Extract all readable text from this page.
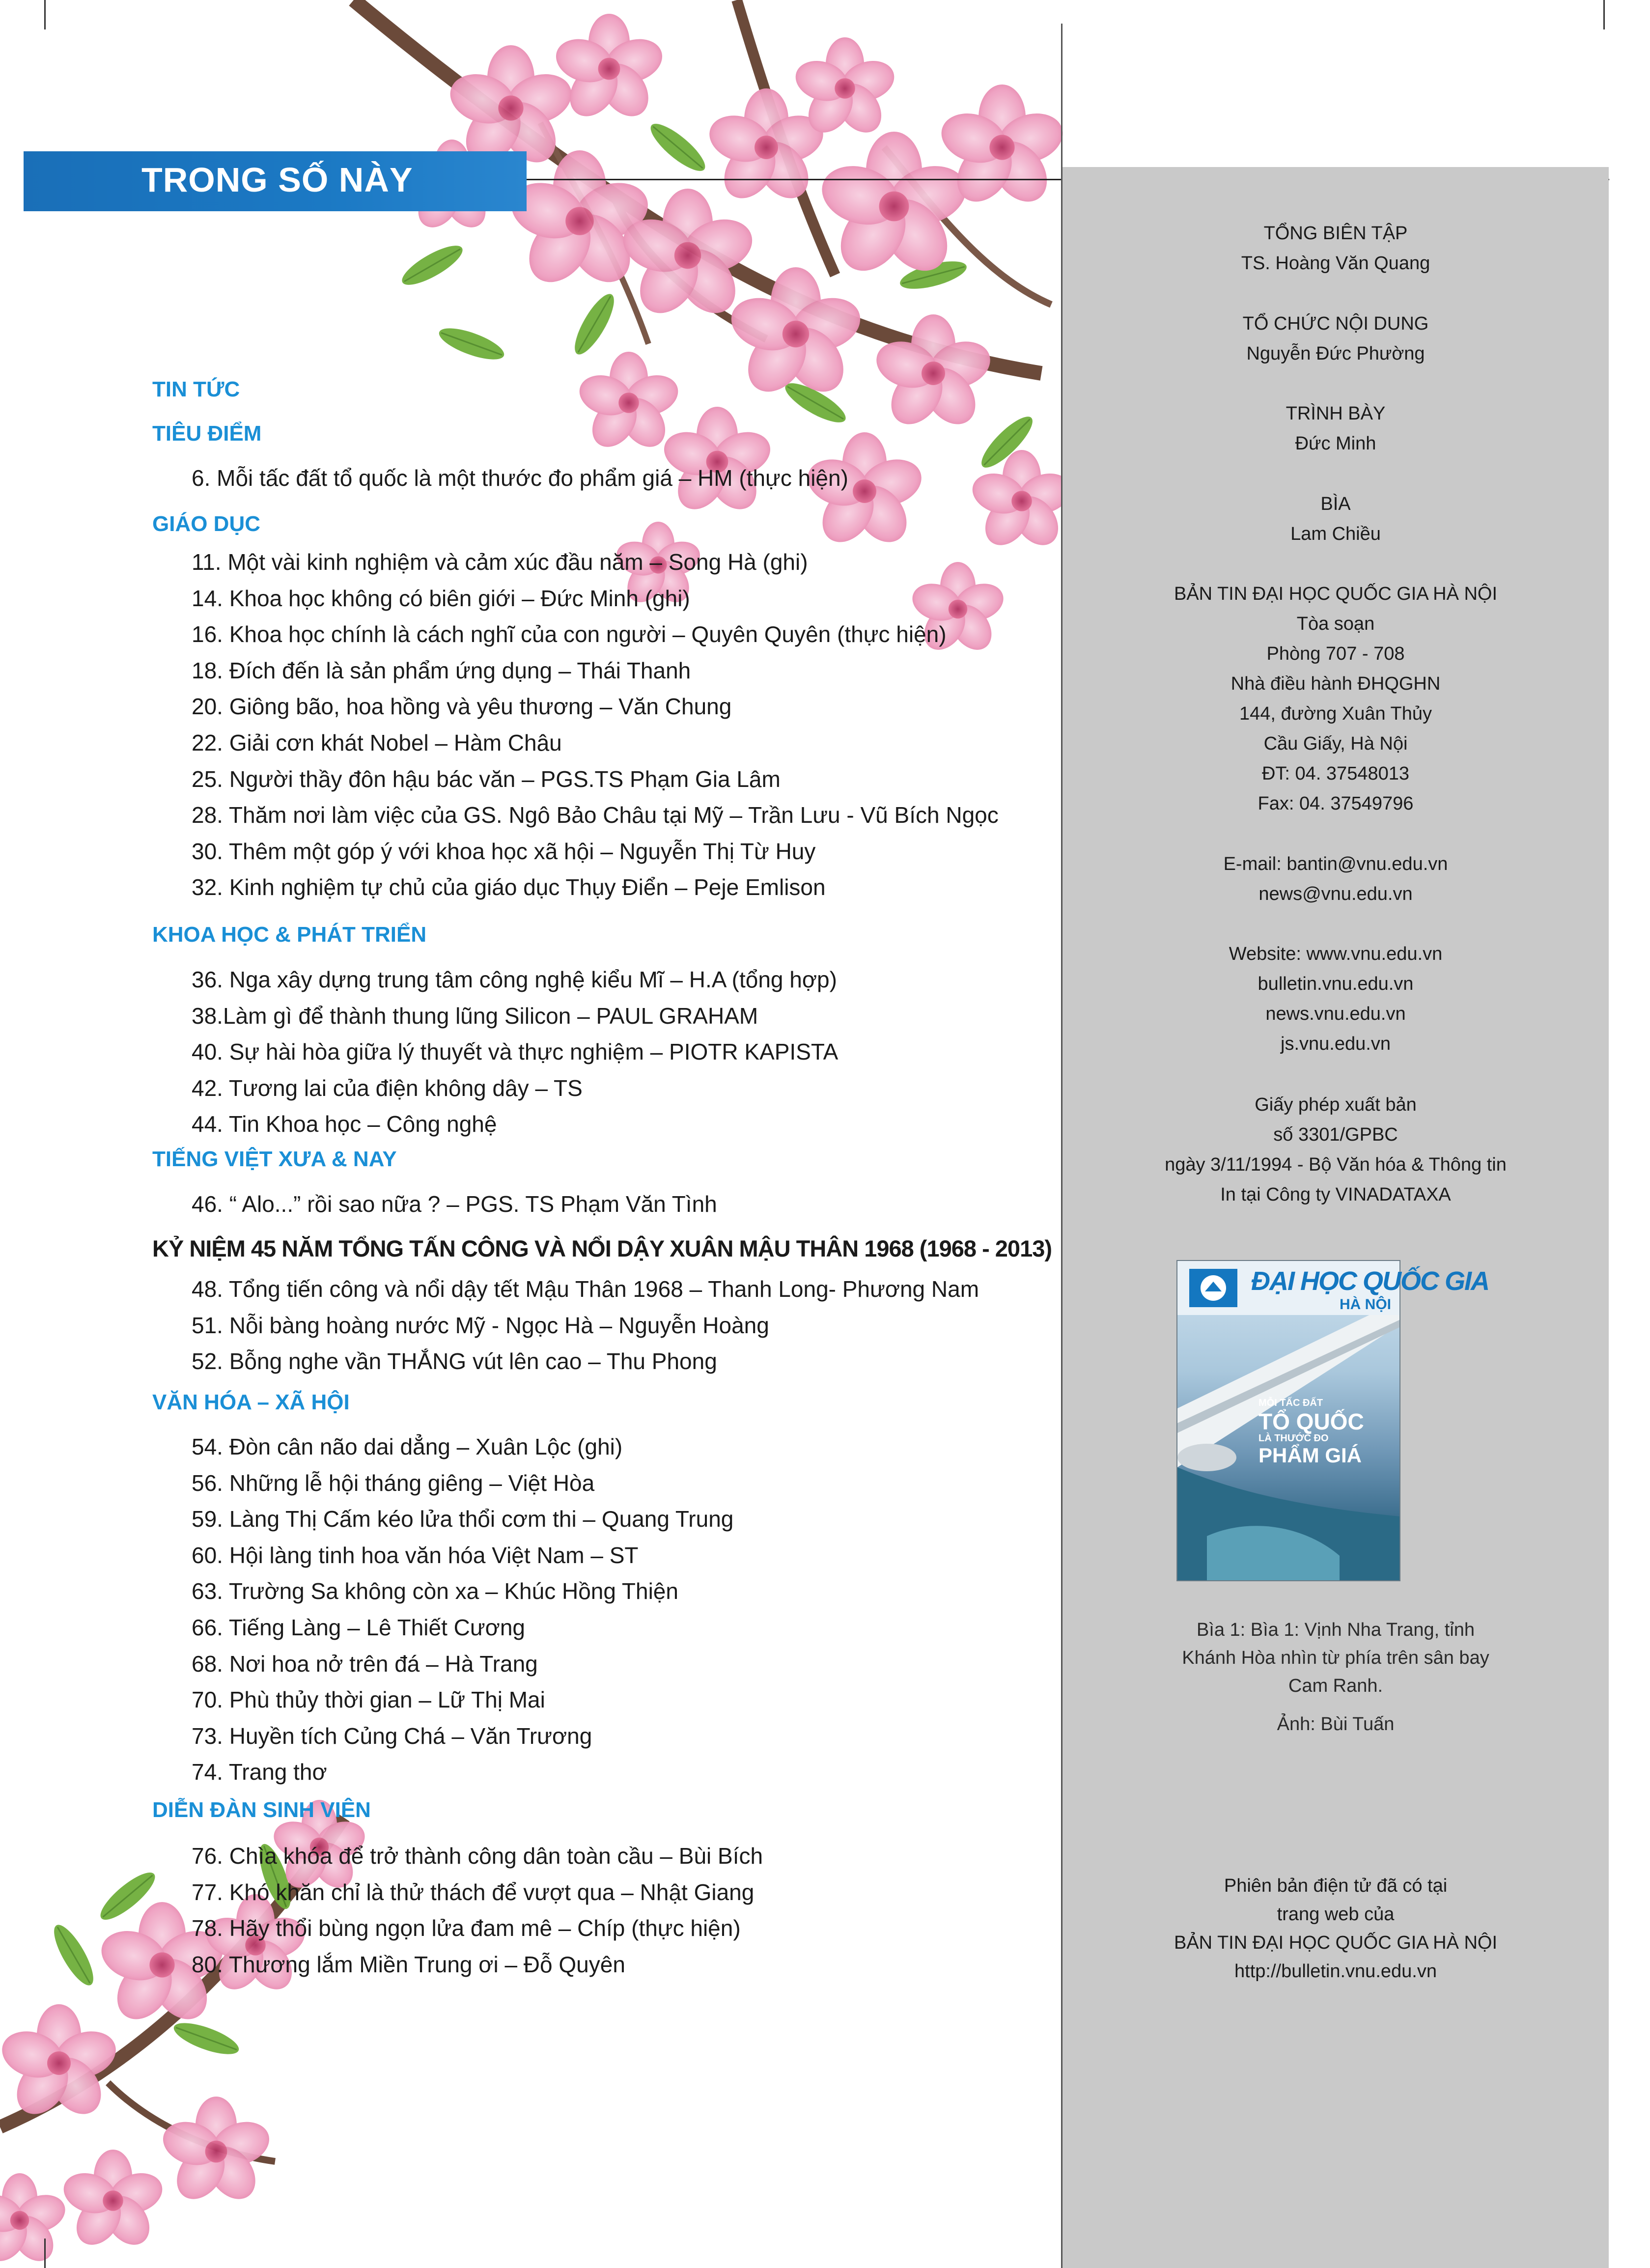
TRONG SỐ NÀY
TỔNG BIÊN TẬP
TS. Hoàng Văn Quang
TỔ CHỨC NỘI DUNG
Nguyễn Đức Phường
TRÌNH BÀY
Đức Minh
BÌA
Lam Chiều
BẢN TIN ĐẠI HỌC QUỐC GIA HÀ NỘI
Tòa soạn
Phòng 707 - 708
Nhà điều hành ĐHQGHN
144, đường Xuân Thủy
Cầu Giấy, Hà Nội
ĐT: 04. 37548013
Fax: 04. 37549796
E-mail: bantin@vnu.edu.vn
news@vnu.edu.vn
Website: www.vnu.edu.vn
bulletin.vnu.edu.vn
news.vnu.edu.vn
js.vnu.edu.vn
Giấy phép xuất bản
số 3301/GPBC
ngày 3/11/1994 - Bộ Văn hóa & Thông tin
In tại Công ty VINADATAXA
ĐẠI HỌC QUỐC GIA
HÀ NỘI
MỖI TẤC ĐẤT
TỔ QUỐC
LÀ THƯỚC ĐO
PHẨM GIÁ
Bìa 1: Bìa 1: Vịnh Nha Trang, tỉnh
Khánh Hòa nhìn từ phía trên sân bay
Cam Ranh.
Ảnh: Bùi Tuấn
Phiên bản điện tử đã có tại
trang web của
BẢN TIN ĐẠI HỌC QUỐC GIA HÀ NỘI
http://bulletin.vnu.edu.vn
TIN TỨC
TIÊU ĐIỂM
6. Mỗi tấc đất tổ quốc là một thước đo phẩm giá – HM (thực hiện)
GIÁO DỤC
11. Một vài kinh nghiệm và cảm xúc đầu năm – Song Hà (ghi)
14. Khoa học không có biên giới – Đức Minh (ghi)
16. Khoa học chính là cách nghĩ của con người – Quyên Quyên (thực hiện)
18. Đích đến là sản phẩm ứng dụng – Thái Thanh
20. Giông bão, hoa hồng và yêu thương – Văn Chung
22. Giải cơn khát Nobel – Hàm Châu
25. Người thầy đôn hậu bác văn – PGS.TS Phạm Gia Lâm
28. Thăm nơi làm việc của GS. Ngô Bảo Châu tại Mỹ – Trần Lưu - Vũ Bích Ngọc
30. Thêm một góp ý với khoa học xã hội – Nguyễn Thị Từ Huy
32. Kinh nghiệm tự chủ của giáo dục Thụy Điển – Peje Emlison
KHOA HỌC & PHÁT TRIỂN
36. Nga xây dựng trung tâm công nghệ kiểu Mĩ – H.A (tổng hợp)
38.Làm gì để thành thung lũng Silicon – PAUL GRAHAM
40. Sự hài hòa giữa lý thuyết và thực nghiệm – PIOTR KAPISTA
42. Tương lai của điện không dây – TS
44. Tin Khoa học – Công nghệ
TIẾNG VIỆT XƯA & NAY
46. “ Alo...” rồi sao nữa ? – PGS. TS Phạm Văn Tình
KỶ NIỆM 45 NĂM TỔNG TẤN CÔNG VÀ NỔI DẬY XUÂN MẬU THÂN 1968 (1968 - 2013)
48. Tổng tiến công và nổi dậy tết Mậu Thân 1968 – Thanh Long- Phương Nam
51. Nỗi bàng hoàng nước Mỹ - Ngọc Hà – Nguyễn Hoàng
52. Bỗng nghe vần THẮNG vút lên cao – Thu Phong
VĂN HÓA – XÃ HỘI
54. Đòn cân não dai dẳng – Xuân Lộc (ghi)
56. Những lễ hội tháng giêng – Việt Hòa
59. Làng Thị Cấm kéo lửa thổi cơm thi – Quang Trung
60. Hội làng tinh hoa văn hóa Việt Nam – ST
63. Trường Sa không còn xa – Khúc Hồng Thiện
66. Tiếng Làng – Lê Thiết Cương
68. Nơi hoa nở trên đá – Hà Trang
70. Phù thủy thời gian – Lữ Thị Mai
73. Huyền tích Củng Chá – Văn Trương
74. Trang thơ
DIỄN ĐÀN SINH VIÊN
76. Chìa khóa để trở thành công dân toàn cầu – Bùi Bích
77. Khó khăn chỉ là thử thách để vượt qua – Nhật Giang
78. Hãy thổi bùng ngọn lửa đam mê – Chíp (thực hiện)
80. Thương lắm Miền Trung ơi – Đỗ Quyên
